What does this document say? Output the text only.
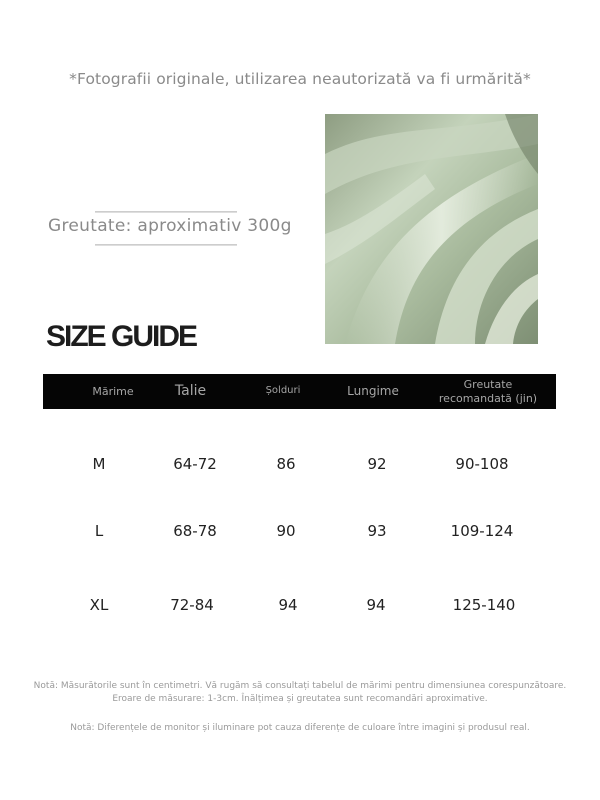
*Fotografii originale, utilizarea neautorizată va fi urmărită*
Greutate: aproximativ 300g
SIZE GUIDE
Mărime	Talie	Șolduri	Lungime	Greutate
recomandată (jin)
M	64-72	86	92	90-108
L	68-78	90	93	109-124
XL	72-84	94	94	125-140
Notă: Măsurătorile sunt în centimetri. Vă rugăm să consultați tabelul de mărimi pentru dimensiunea corespunzătoare.
Eroare de măsurare: 1-3cm. Înălțimea și greutatea sunt recomandări aproximative.
Notă: Diferențele de monitor și iluminare pot cauza diferențe de culoare între imagini și produsul real.
